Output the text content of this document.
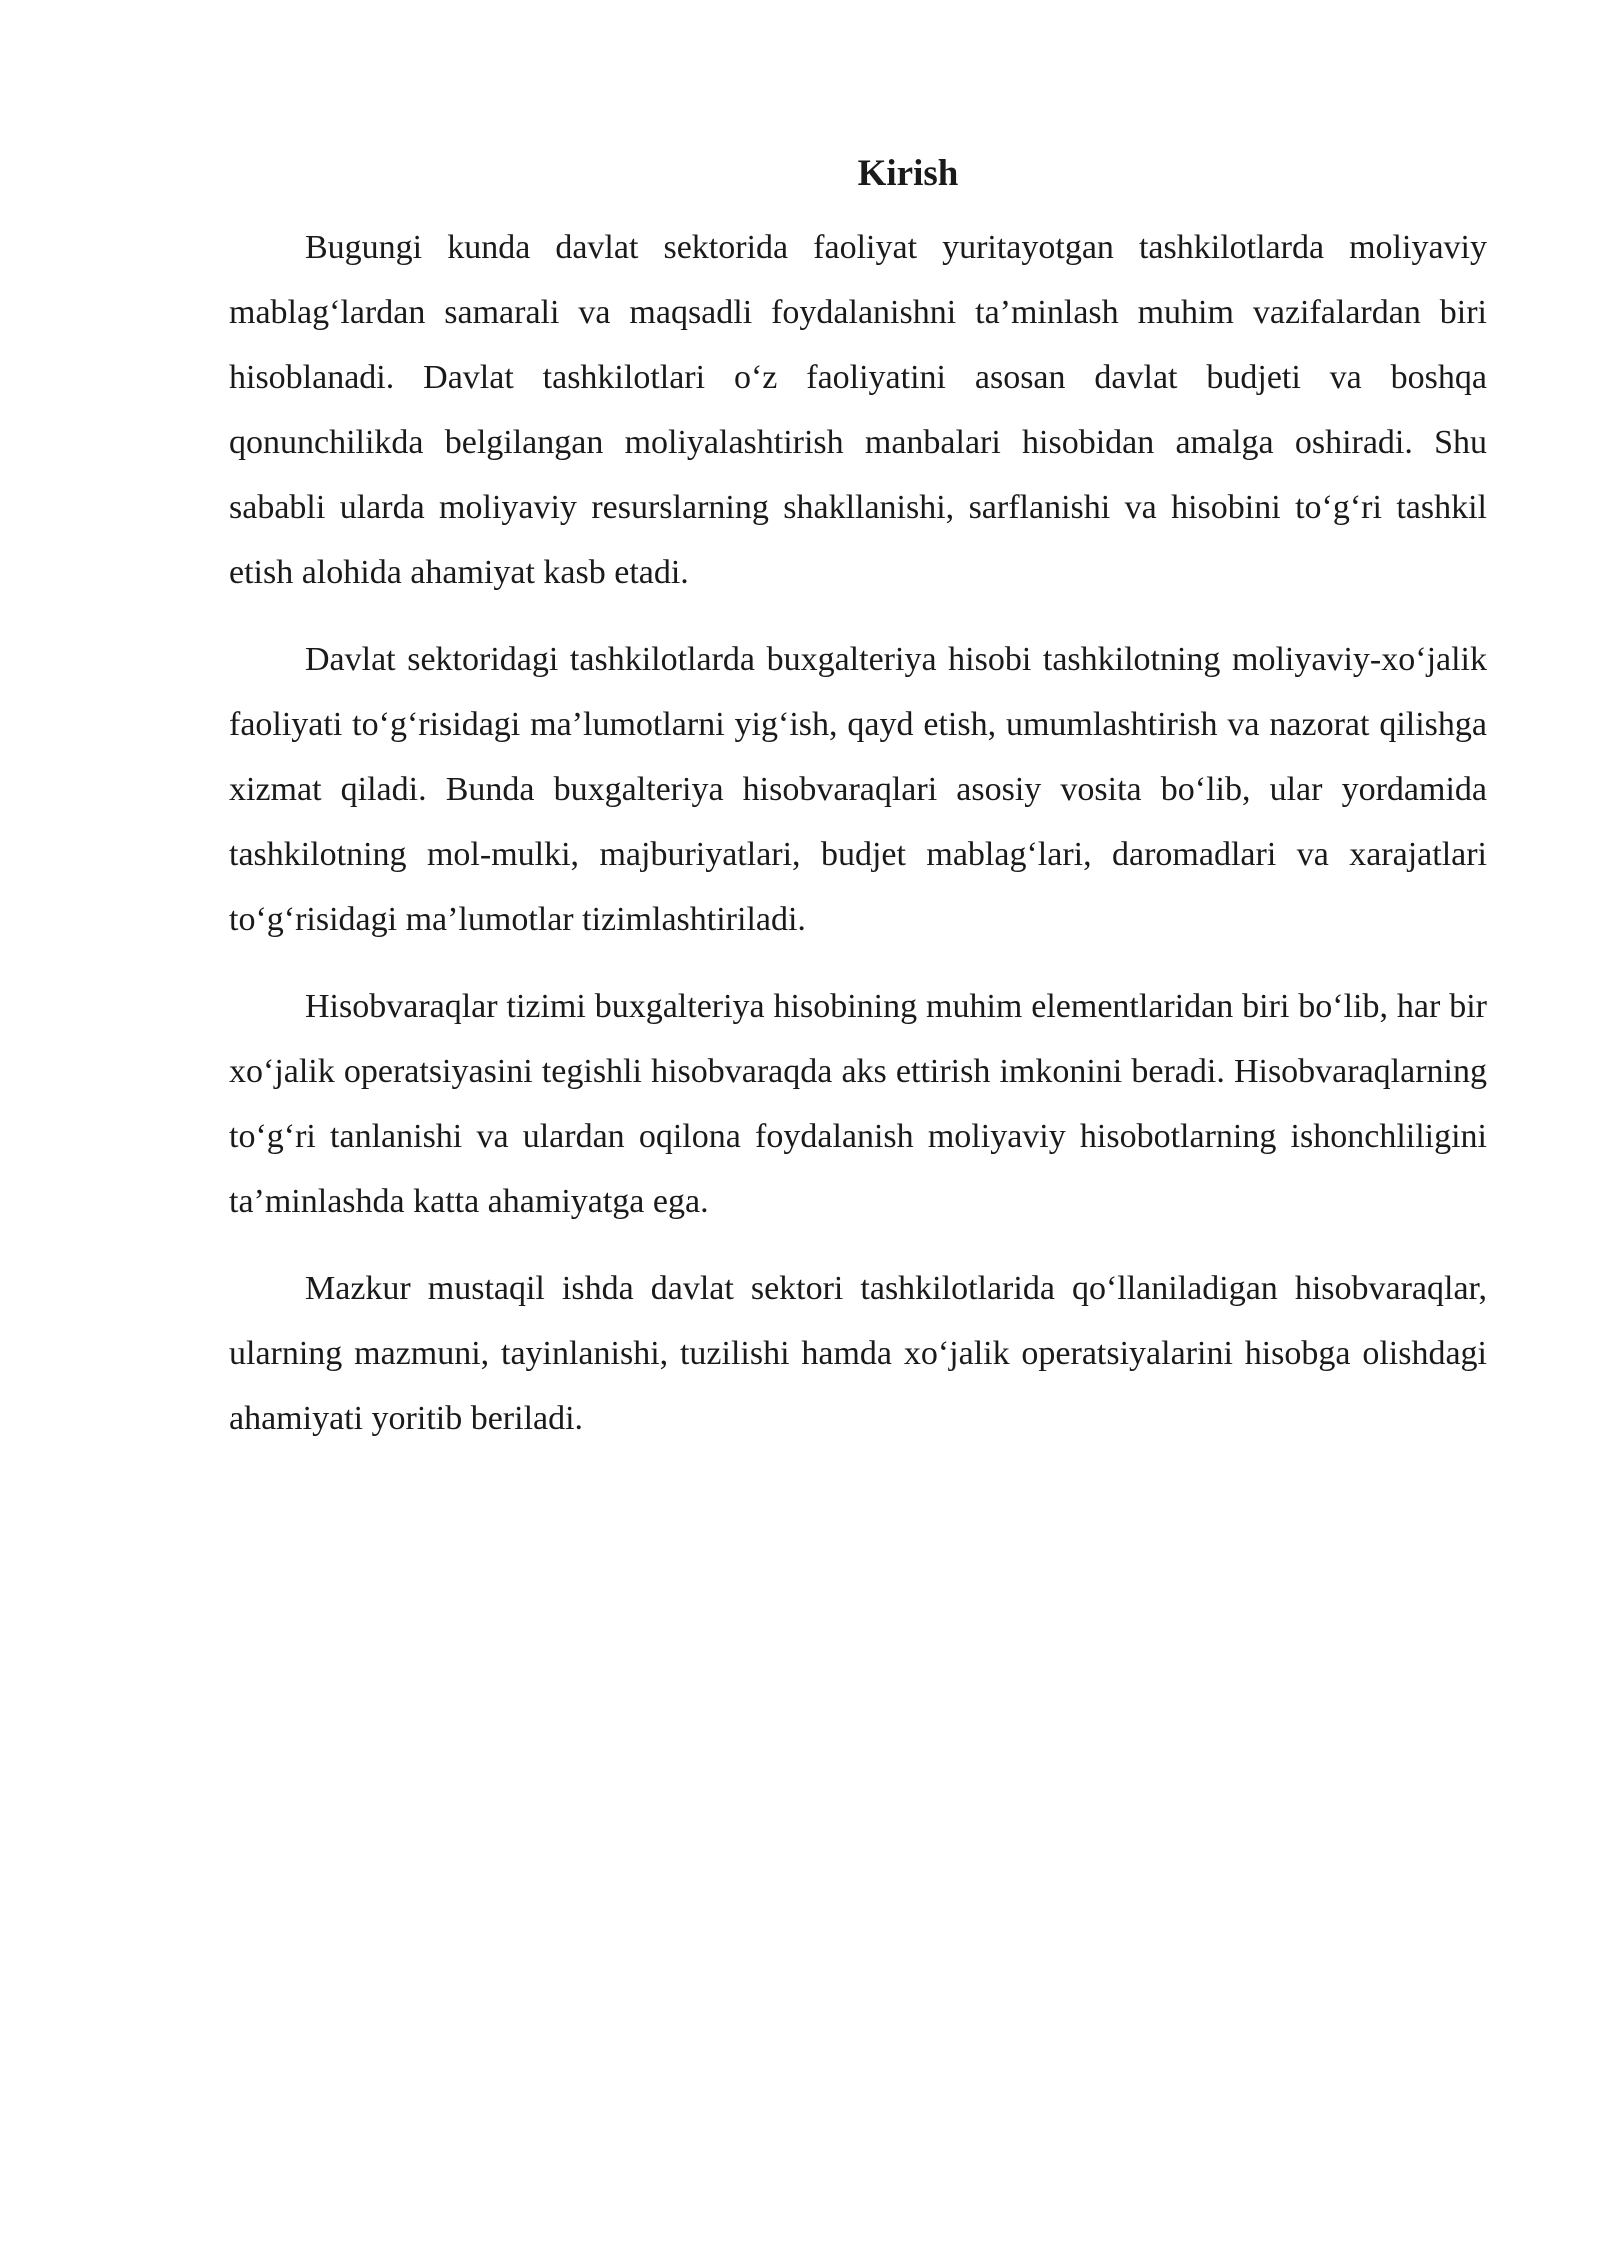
Kirish

Bugungi kunda davlat sektorida faoliyat yuritayotgan tashkilotlarda moliyaviy mablag‘lardan samarali va maqsadli foydalanishni ta’minlash muhim vazifalardan biri hisoblanadi. Davlat tashkilotlari o‘z faoliyatini asosan davlat budjeti va boshqa qonunchilikda belgilangan moliyalashtirish manbalari hisobidan amalga oshiradi. Shu sababli ularda moliyaviy resurslarning shakllanishi, sarflanishi va hisobini to‘g‘ri tashkil etish alohida ahamiyat kasb etadi.

Davlat sektoridagi tashkilotlarda buxgalteriya hisobi tashkilotning moliyaviy-xo‘jalik faoliyati to‘g‘risidagi ma’lumotlarni yig‘ish, qayd etish, umumlashtirish va nazorat qilishga xizmat qiladi. Bunda buxgalteriya hisobvaraqlari asosiy vosita bo‘lib, ular yordamida tashkilotning mol-mulki, majburiyatlari, budjet mablag‘lari, daromadlari va xarajatlari to‘g‘risidagi ma’lumotlar tizimlashtiriladi.

Hisobvaraqlar tizimi buxgalteriya hisobining muhim elementlaridan biri bo‘lib, har bir xo‘jalik operatsiyasini tegishli hisobvaraqda aks ettirish imkonini beradi. Hisobvaraqlarning to‘g‘ri tanlanishi va ulardan oqilona foydalanish moliyaviy hisobotlarning ishonchliligini ta’minlashda katta ahamiyatga ega.

Mazkur mustaqil ishda davlat sektori tashkilotlarida qo‘llaniladigan hisobvaraqlar, ularning mazmuni, tayinlanishi, tuzilishi hamda xo‘jalik operatsiyalarini hisobga olishdagi ahamiyati yoritib beriladi.
